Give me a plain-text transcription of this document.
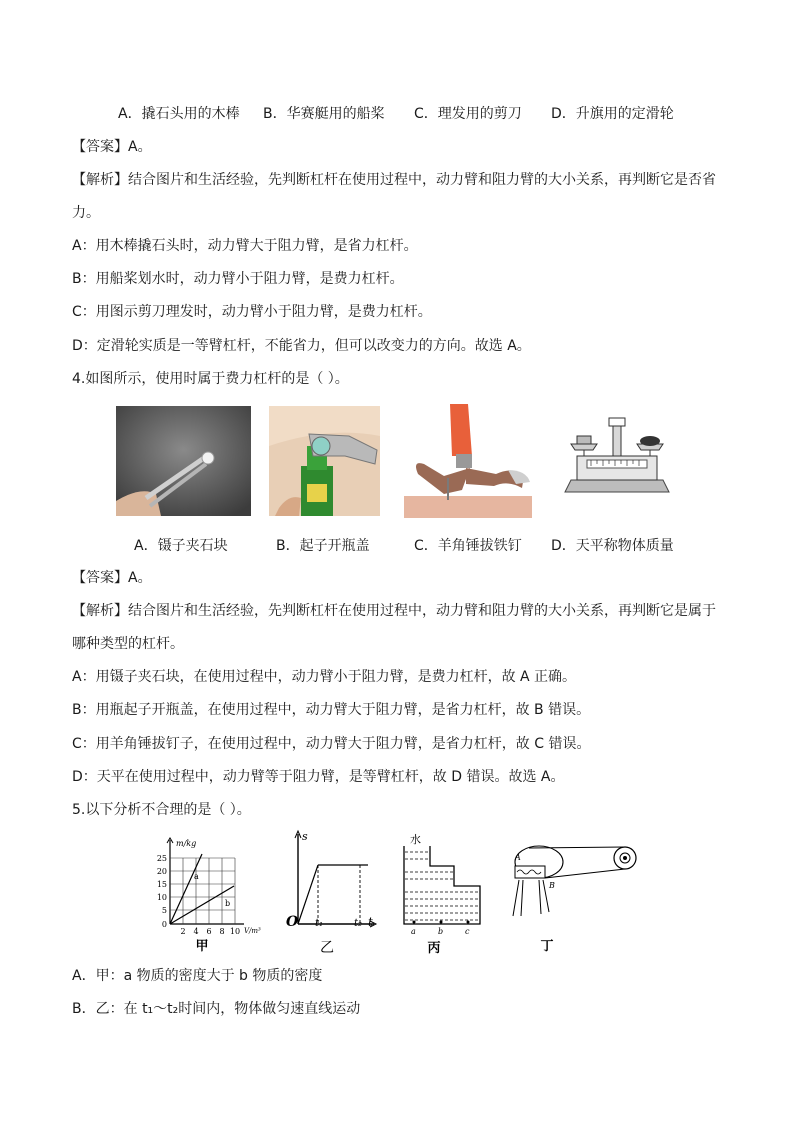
A．撬石头用的木棒 B．华赛艇用的船桨 C．理发用的剪刀 D．升旗用的定滑轮
【答案】A。
【解析】结合图片和生活经验，先判断杠杆在使用过程中，动力臂和阻力臂的大小关系，再判断它是否省
力。
A：用木棒撬石头时，动力臂大于阻力臂，是省力杠杆。
B：用船桨划水时，动力臂小于阻力臂，是费力杠杆。
C：用图示剪刀理发时，动力臂小于阻力臂，是费力杠杆。
D：定滑轮实质是一等臂杠杆，不能省力，但可以改变力的方向。故选 A。
4.如图所示，使用时属于费力杠杆的是（ ）。
A．镊子夹石块	B．起子开瓶盖	C．羊角锤拔铁钉 D．天平称物体质量
【答案】A。
【解析】结合图片和生活经验，先判断杠杆在使用过程中，动力臂和阻力臂的大小关系，再判断它是属于
哪种类型的杠杆。
A：用镊子夹石块，在使用过程中，动力臂小于阻力臂，是费力杠杆，故 A 正确。
B：用瓶起子开瓶盖，在使用过程中，动力臂大于阻力臂，是省力杠杆，故 B 错误。
C：用羊角锤拔钉子，在使用过程中，动力臂大于阻力臂，是省力杠杆，故 C 错误。
D：天平在使用过程中，动力臂等于阻力臂，是等臂杠杆，故 D 错误。故选 A。
5.以下分析不合理的是（ ）。
m/kg
a
b
25
20
15
10
5
0
2 4 6 8 10 V/m³
甲
s
O t₁	t₂ t
乙
水
a	b	c
丙
A
B
丁
A．甲：a 物质的密度大于 b 物质的密度
B．乙：在 t₁～t₂时间内，物体做匀速直线运动
